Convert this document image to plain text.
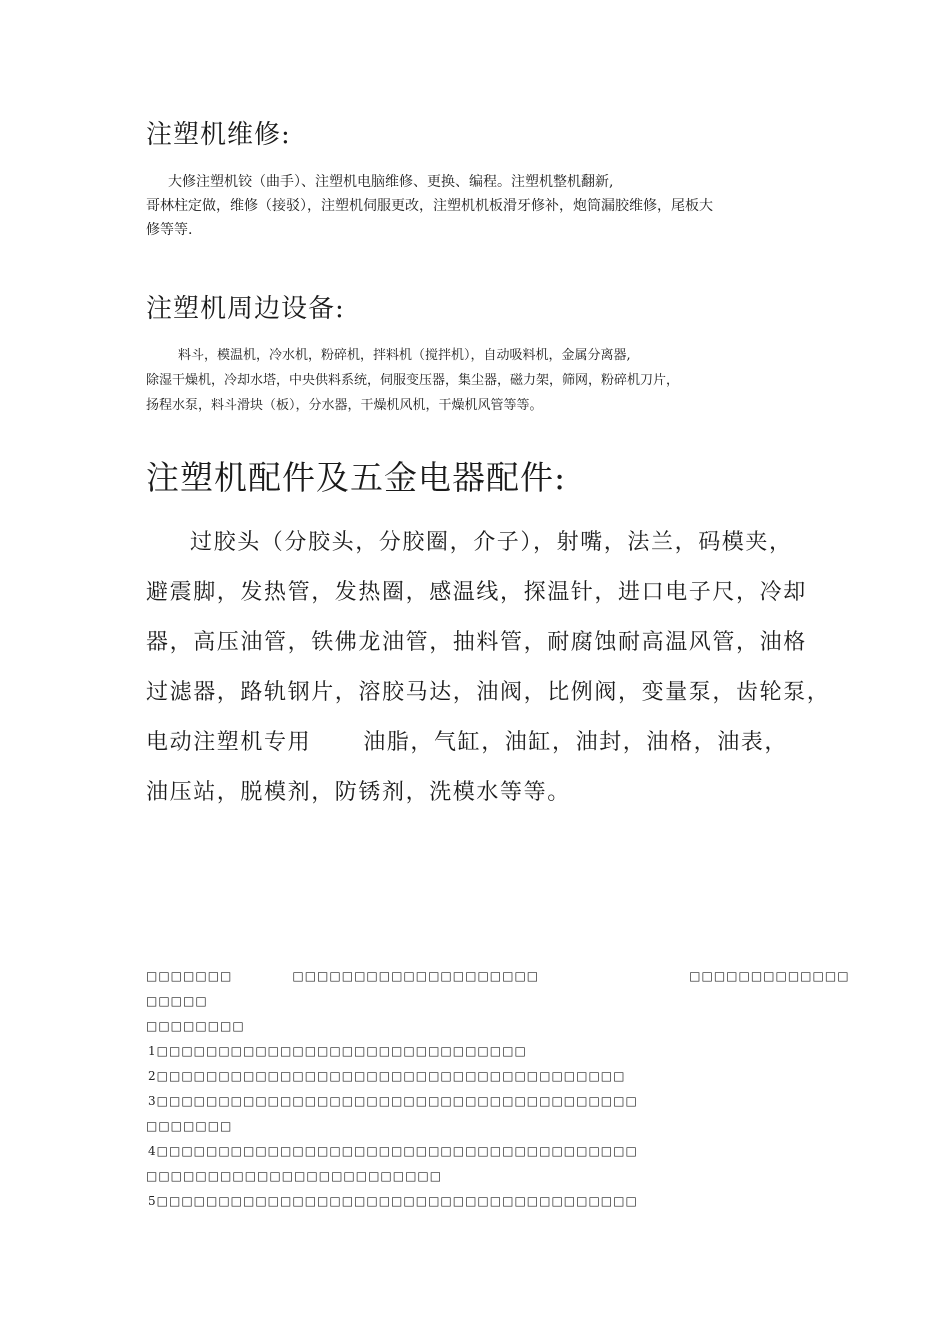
注塑机维修:

大修注塑机铰（曲手）、注塑机电脑维修、更换、编程。注塑机整机翻新,
哥林柱定做，维修（接驳），注塑机伺服更改，注塑机机板滑牙修补，炮筒漏胶维修，尾板大
修等等.

注塑机周边设备:

料斗，模温机，冷水机，粉碎机，拌料机（搅拌机），自动吸料机，金属分离器,
除湿干燥机，冷却水塔，中央供料系统，伺服变压器，集尘器，磁力架，筛网，粉碎机刀片，
扬程水泵，料斗滑块（板），分水器，干燥机风机，干燥机风管等等。

注塑机配件及五金电器配件:

过胶头（分胶头，分胶圈，介子），射嘴，法兰，码模夹，
避震脚，发热管，发热圈，感温线，探温针，进口电子尺，冷却
器，高压油管，铁佛龙油管，抽料管，耐腐蚀耐高温风管，油格
过滤器，路轨钢片，溶胶马达，油阀，比例阀，变量泵，齿轮泵，
电动注塑机专用 油脂，气缸，油缸，油封，油格，油表，
油压站，脱模剂，防锈剂，洗模水等等。

□□□□□□□	□□□□□□□□□□□□□□□□□□□□	□□□□□□□□□□□□□
□□□□□
□□□□□□□□
1□□□□□□□□□□□□□□□□□□□□□□□□□□□□□□
2□□□□□□□□□□□□□□□□□□□□□□□□□□□□□□□□□□□□□□
3□□□□□□□□□□□□□□□□□□□□□□□□□□□□□□□□□□□□□□□
□□□□□□□
4□□□□□□□□□□□□□□□□□□□□□□□□□□□□□□□□□□□□□□□
□□□□□□□□□□□□□□□□□□□□□□□□
5□□□□□□□□□□□□□□□□□□□□□□□□□□□□□□□□□□□□□□□
